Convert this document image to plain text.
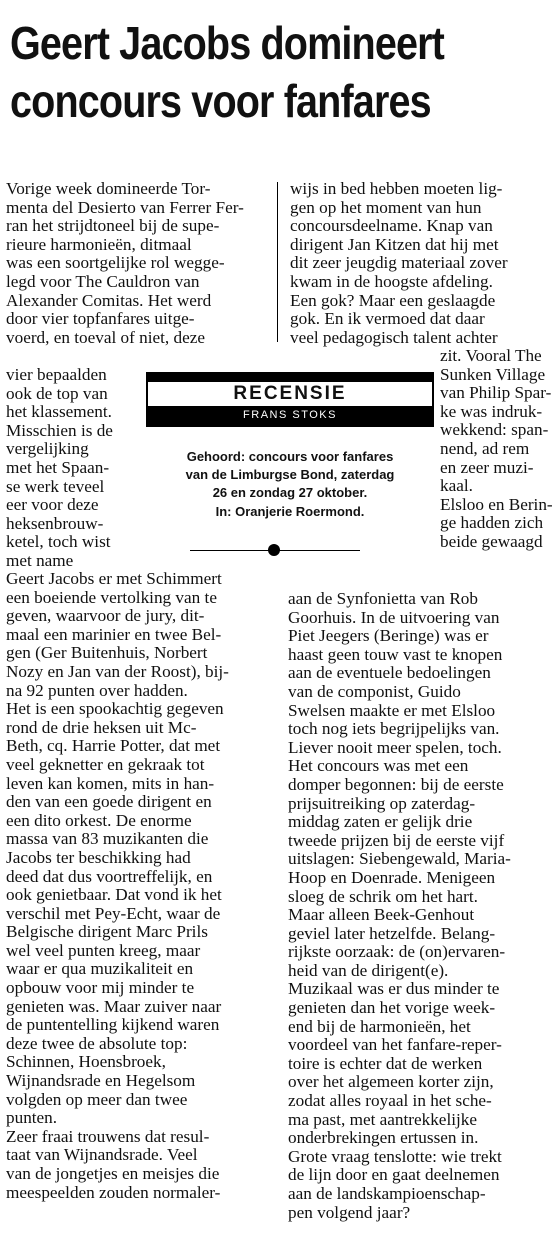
Geert Jacobs domineert
concours voor fanfares

Vorige week domineerde Tor-
menta del Desierto van Ferrer Fer-
ran het strijdtoneel bij de supe-
rieure harmonieën, ditmaal
was een soortgelijke rol wegge-
legd voor The Cauldron van
Alexander Comitas. Het werd
door vier topfanfares uitge-
voerd, en toeval of niet, deze

vier bepaalden
ook de top van
het klassement.
Misschien is de
vergelijking
met het Spaan-
se werk teveel
eer voor deze
heksenbrouw-
ketel, toch wist
met name

Geert Jacobs er met Schimmert
een boeiende vertolking van te
geven, waarvoor de jury, dit-
maal een marinier en twee Bel-
gen (Ger Buitenhuis, Norbert
Nozy en Jan van der Roost), bij-
na 92 punten over hadden.
Het is een spookachtig gegeven
rond de drie heksen uit Mc-
Beth, cq. Harrie Potter, dat met
veel geknetter en gekraak tot
leven kan komen, mits in han-
den van een goede dirigent en
een dito orkest. De enorme
massa van 83 muzikanten die
Jacobs ter beschikking had
deed dat dus voortreffelijk, en
ook genietbaar. Dat vond ik het
verschil met Pey-Echt, waar de
Belgische dirigent Marc Prils
wel veel punten kreeg, maar
waar er qua muzikaliteit en
opbouw voor mij minder te
genieten was. Maar zuiver naar
de puntentelling kijkend waren
deze twee de absolute top:
Schinnen, Hoensbroek,
Wijnandsrade en Hegelsom
volgden op meer dan twee
punten.
Zeer fraai trouwens dat resul-
taat van Wijnandsrade. Veel
van de jongetjes en meisjes die
meespeelden zouden normaler-

wijs in bed hebben moeten lig-
gen op het moment van hun
concoursdeelname. Knap van
dirigent Jan Kitzen dat hij met
dit zeer jeugdig materiaal zover
kwam in de hoogste afdeling.
Een gok? Maar een geslaagde
gok. En ik vermoed dat daar
veel pedagogisch talent achter

zit. Vooral The
Sunken Village
van Philip Spar-
ke was indruk-
wekkend: span-
nend, ad rem
en zeer muzi-
kaal.
Elsloo en Berin-
ge hadden zich
beide gewaagd

aan de Synfonietta van Rob
Goorhuis. In de uitvoering van
Piet Jeegers (Beringe) was er
haast geen touw vast te knopen
aan de eventuele bedoelingen
van de componist, Guido
Swelsen maakte er met Elsloo
toch nog iets begrijpelijks van.
Liever nooit meer spelen, toch.
Het concours was met een
domper begonnen: bij de eerste
prijsuitreiking op zaterdag-
middag zaten er gelijk drie
tweede prijzen bij de eerste vijf
uitslagen: Siebengewald, Maria-
Hoop en Doenrade. Menigeen
sloeg de schrik om het hart.
Maar alleen Beek-Genhout
geviel later hetzelfde. Belang-
rijkste oorzaak: de (on)ervaren-
heid van de dirigent(e).
Muzikaal was er dus minder te
genieten dan het vorige week-
end bij de harmonieën, het
voordeel van het fanfare-reper-
toire is echter dat de werken
over het algemeen korter zijn,
zodat alles royaal in het sche-
ma past, met aantrekkelijke
onderbrekingen ertussen in.
Grote vraag tenslotte: wie trekt
de lijn door en gaat deelnemen
aan de landskampioenschap-
pen volgend jaar?

RECENSIE
FRANS STOKS
Gehoord: concours voor fanfares
van de Limburgse Bond, zaterdag
26 en zondag 27 oktober.
In: Oranjerie Roermond.
